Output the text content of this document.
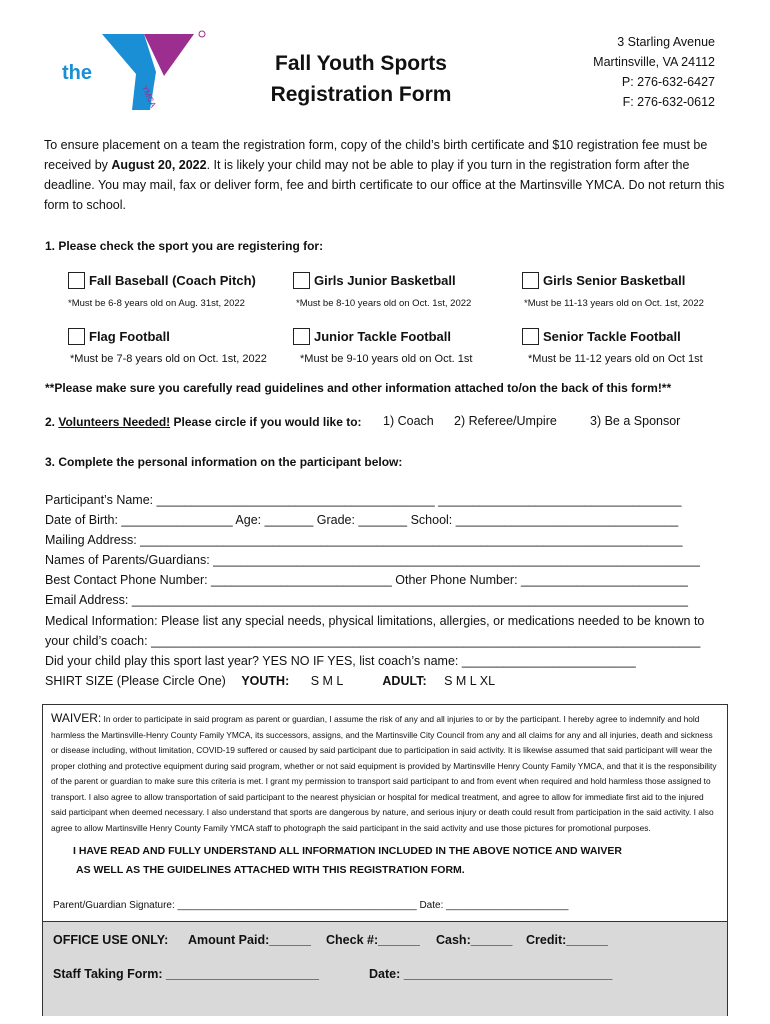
the
YMCA
Fall Youth Sports
Registration Form
3 Starling Avenue
Martinsville, VA 24112
P: 276-632-6427
F: 276-632-0612
To ensure placement on a team the registration form, copy of the child’s birth certificate and $10 registration fee must be received by August 20, 2022. It is likely your child may not be able to play if you turn in the registration form after the deadline. You may mail, fax or deliver form, fee and birth certificate to our office at the Martinsville YMCA. Do not return this form to school.
1. Please check the sport you are registering for:
Fall Baseball (Coach Pitch)	Girls Junior Basketball	Girls Senior Basketball
*Must be 6-8 years old on Aug. 31st, 2022	*Must be 8-10 years old on Oct. 1st, 2022	*Must be 11-13 years old on Oct. 1st, 2022
Flag Football	Junior Tackle Football	Senior Tackle Football
*Must be 7-8 years old on Oct. 1st, 2022	*Must be 9-10 years old on Oct. 1st	*Must be 11-12 years old on Oct 1st
**Please make sure you carefully read guidelines and other information attached to/on the back of this form!**
2. Volunteers Needed! Please circle if you would like to: 1) Coach 2) Referee/Umpire	3) Be a Sponsor
3. Complete the personal information on the participant below:
Participant’s Name: ________________________________________ ___________________________________
Date of Birth: ________________ Age: _______ Grade: _______ School: ________________________________
Mailing Address: ______________________________________________________________________________
Names of Parents/Guardians: ______________________________________________________________________
Best Contact Phone Number: __________________________ Other Phone Number: ________________________
Email Address: ________________________________________________________________________________
Medical Information: Please list any special needs, physical limitations, allergies, or medications needed to be known to
your child’s coach: _______________________________________________________________________________
Did your child play this sport last year? YES NO IF YES, list coach’s name: _________________________
SHIRT SIZE (Please Circle One) YOUTH: S M L	ADULT: S M L XL
WAIVER: In order to participate in said program as parent or guardian, I assume the risk of any and all injuries to or by the participant. I hereby agree to indemnify and hold harmless the Martinsville-Henry County Family YMCA, its successors, assigns, and the Martinsville City Council from any and all claims for any and all injuries, death and sickness or disease including, without limitation, COVID-19 suffered or caused by said participant due to participation in said activity. It is likewise assumed that said participant will wear the proper clothing and protective equipment during said program, whether or not said equipment is provided by Martinsville Henry County Family YMCA, and that it is the responsibility of the parent or guardian to make sure this criteria is met. I grant my permission to transport said participant to and from event when required and hold harmless those assigned to transport. I also agree to allow transportation of said participant to the nearest physician or hospital for medical treatment, and agree to allow for immediate first aid to the injured said participant when deemed necessary. I also understand that sports are dangerous by nature, and serious injury or death could result from participation in the said activity. I also agree to allow Martinsville Henry County Family YMCA staff to photograph the said participant in the said activity and use those pictures for promotional purposes.
I HAVE READ AND FULLY UNDERSTAND ALL INFORMATION INCLUDED IN THE ABOVE NOTICE AND WAIVER
AS WELL AS THE GUIDELINES ATTACHED WITH THIS REGISTRATION FORM.
Parent/Guardian Signature: ___________________________________________ Date: ______________________
OFFICE USE ONLY: Amount Paid:______ Check #:______ Cash:______ Credit:______
Staff Taking Form: ______________________	Date: ______________________________
